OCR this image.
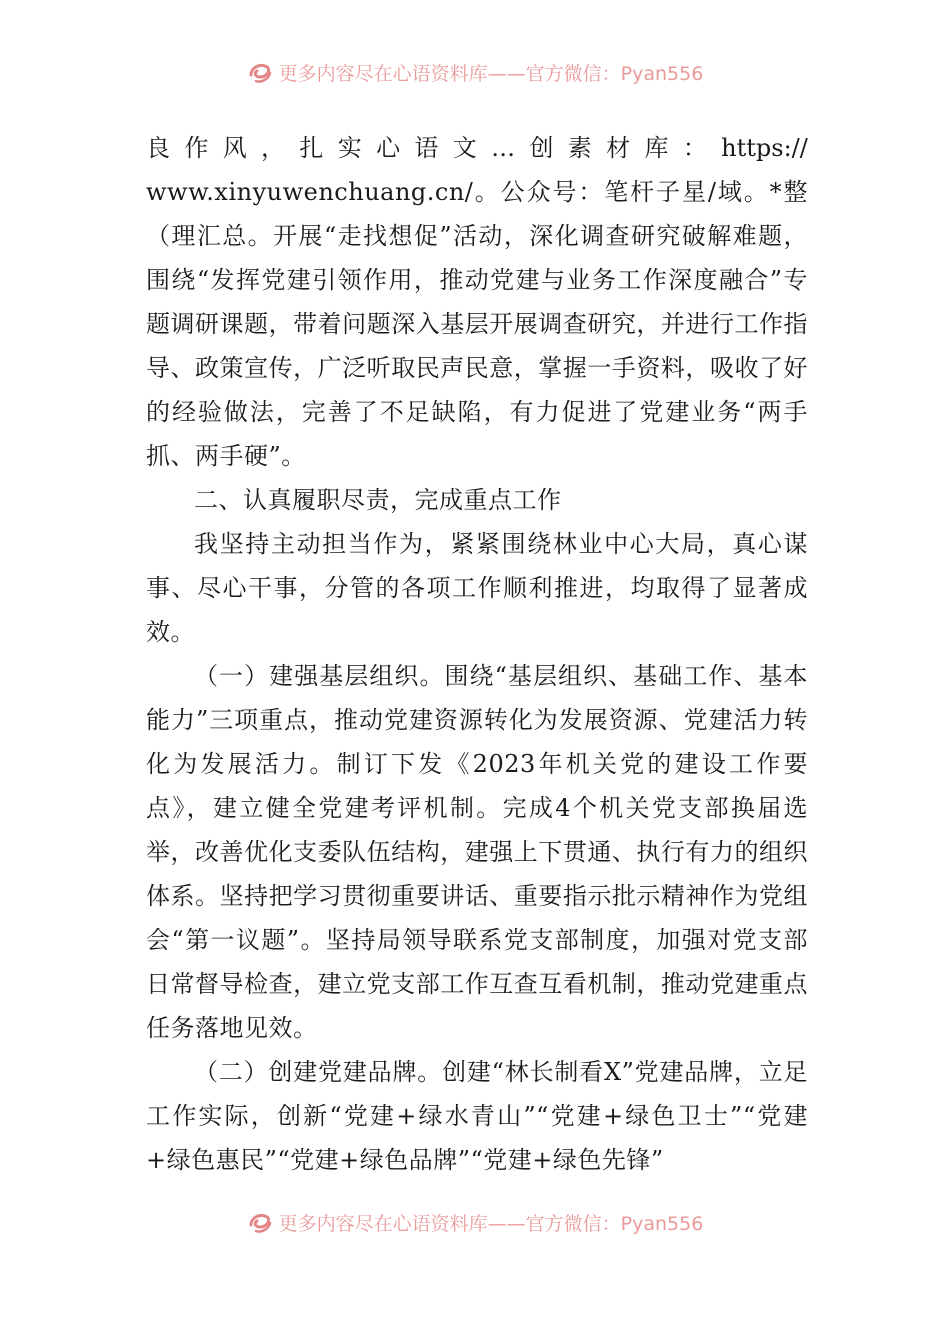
更多内容尽在心语资料库——官方微信：Pyan556
良 作 风 ， 扎 实 心 语 文 … 创 素 材 库 ： https://

www.xinyuwenchuang.cn/。公众号：笔杆子星/域。*整（理汇总。开展“走找想促”活动，深化调查研究破解难题，围绕“发挥党建引领作用，推动党建与业务工作深度融合”专题调研课题，带着问题深入基层开展调查研究，并进行工作指导、政策宣传，广泛听取民声民意，掌握一手资料，吸收了好的经验做法，完善了不足缺陷，有力促进了党建业务“两手抓、两手硬”。

二、认真履职尽责，完成重点工作

我坚持主动担当作为，紧紧围绕林业中心大局，真心谋事、尽心干事，分管的各项工作顺利推进，均取得了显著成效。

（一）建强基层组织。围绕“基层组织、基础工作、基本能力”三项重点，推动党建资源转化为发展资源、党建活力转化为发展活力。制订下发《2023年机关党的建设工作要点》，建立健全党建考评机制。完成4个机关党支部换届选举，改善优化支委队伍结构，建强上下贯通、执行有力的组织体系。坚持把学习贯彻重要讲话、重要指示批示精神作为党组会“第一议题”。坚持局领导联系党支部制度，加强对党支部日常督导检查，建立党支部工作互查互看机制，推动党建重点任务落地见效。

（二）创建党建品牌。创建“林长制看X”党建品牌，立足工作实际，创新“党建+绿水青山”“党建+绿色卫士”“党建+绿色惠民”“党建+绿色品牌”“党建+绿色先锋”

更多内容尽在心语资料库——官方微信：Pyan556
